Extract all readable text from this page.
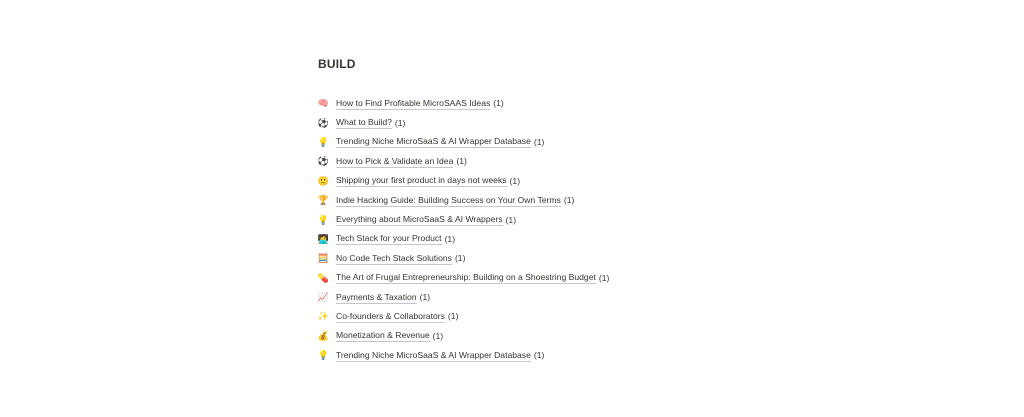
BUILD
🧠 How to Find Profitable MicroSAAS Ideas (1)
⚽ What to Build? (1)
💡 Trending Niche MicroSaaS & AI Wrapper Database (1)
⚽ How to Pick & Validate an Idea (1)
🙂 Shipping your first product in days not weeks (1)
🏆 Indie Hacking Guide: Building Success on Your Own Terms (1)
💡 Everything about MicroSaaS & AI Wrappers (1)
🧑‍💻 Tech Stack for your Product (1)
🧮 No Code Tech Stack Solutions (1)
💊 The Art of Frugal Entrepreneurship: Building on a Shoestring Budget (1)
📈 Payments & Taxation (1)
✨ Co-founders & Collaborators (1)
💰 Monetization & Revenue (1)
💡 Trending Niche MicroSaaS & AI Wrapper Database (1)
